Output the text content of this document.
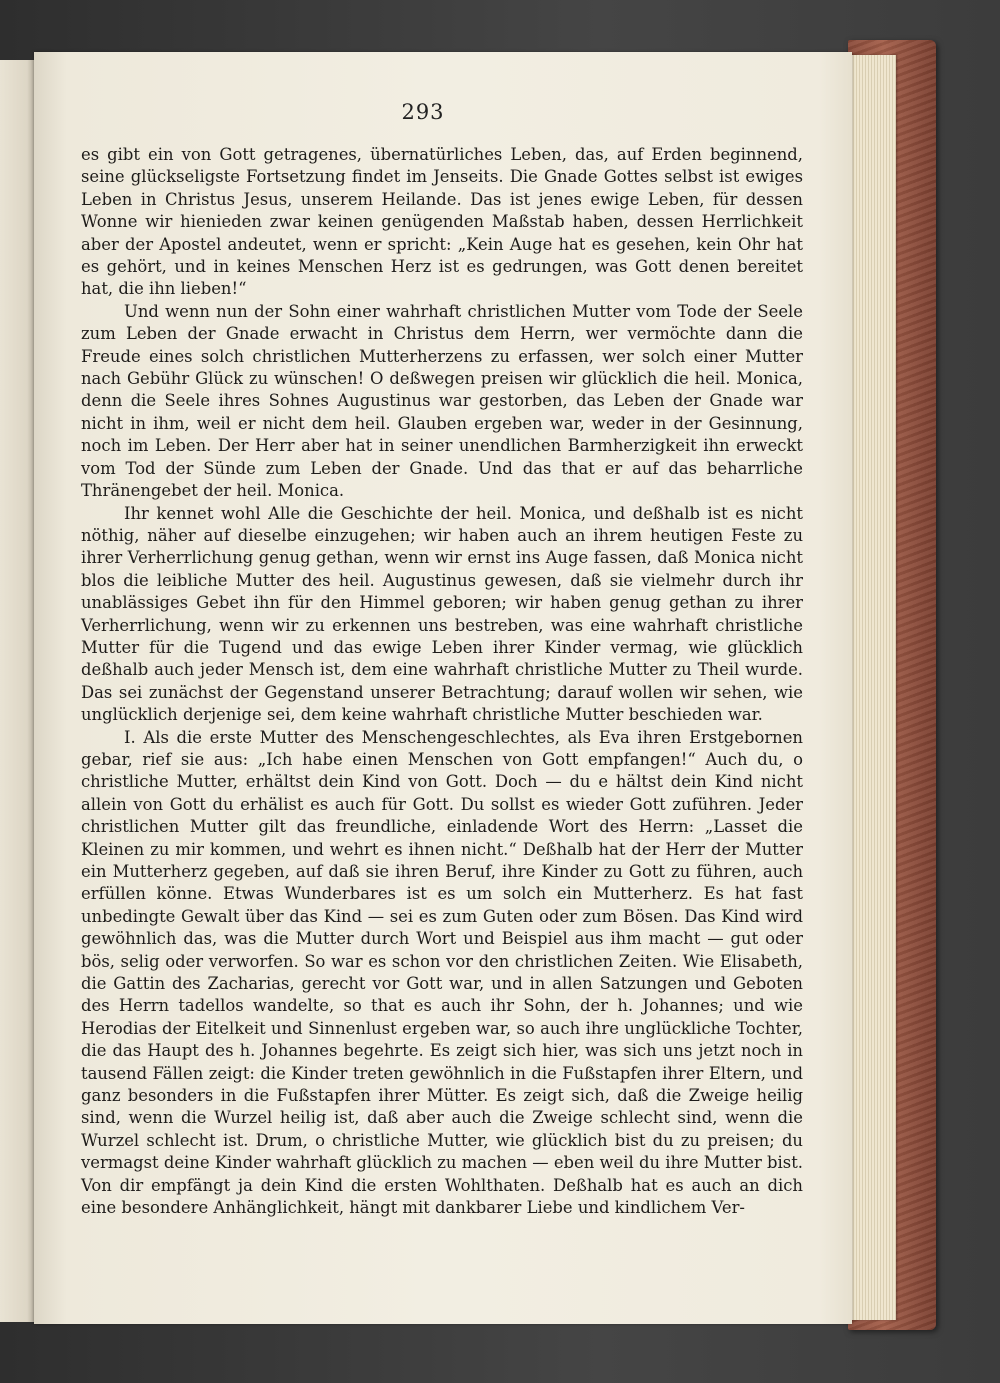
293

es gibt ein von Gott getragenes, übernatürliches Leben, das, auf Erden beginnend, seine glückseligste Fortsetzung findet im Jenseits. Die Gnade Gottes selbst ist ewiges Leben in Christus Jesus, unserem Heilande. Das ist jenes ewige Leben, für dessen Wonne wir hienieden zwar keinen genügenden Maßstab haben, dessen Herrlichkeit aber der Apostel andeutet, wenn er spricht: „Kein Auge hat es gesehen, kein Ohr hat es gehört, und in keines Menschen Herz ist es gedrungen, was Gott denen bereitet hat, die ihn lieben!“

Und wenn nun der Sohn einer wahrhaft christlichen Mutter vom Tode der Seele zum Leben der Gnade erwacht in Christus dem Herrn, wer vermöchte dann die Freude eines solch christlichen Mutterherzens zu erfassen, wer solch einer Mutter nach Gebühr Glück zu wünschen! O deßwegen preisen wir glücklich die heil. Monica, denn die Seele ihres Sohnes Augustinus war gestorben, das Leben der Gnade war nicht in ihm, weil er nicht dem heil. Glauben ergeben war, weder in der Gesinnung, noch im Leben. Der Herr aber hat in seiner unendlichen Barmherzigkeit ihn erweckt vom Tod der Sünde zum Leben der Gnade. Und das that er auf das beharrliche Thränengebet der heil. Monica.

Ihr kennet wohl Alle die Geschichte der heil. Monica, und deßhalb ist es nicht nöthig, näher auf dieselbe einzugehen; wir haben auch an ihrem heutigen Feste zu ihrer Verherrlichung genug gethan, wenn wir ernst ins Auge fassen, daß Monica nicht blos die leibliche Mutter des heil. Augustinus gewesen, daß sie vielmehr durch ihr unablässiges Gebet ihn für den Himmel geboren; wir haben genug gethan zu ihrer Verherrlichung, wenn wir zu erkennen uns bestreben, was eine wahrhaft christliche Mutter für die Tugend und das ewige Leben ihrer Kinder vermag, wie glücklich deßhalb auch jeder Mensch ist, dem eine wahrhaft christliche Mutter zu Theil wurde. Das sei zunächst der Gegenstand unserer Betrachtung; darauf wollen wir sehen, wie unglücklich derjenige sei, dem keine wahrhaft christliche Mutter beschieden war.

I. Als die erste Mutter des Menschengeschlechtes, als Eva ihren Erstgebornen gebar, rief sie aus: „Ich habe einen Menschen von Gott empfangen!“ Auch du, o christliche Mutter, erhältst dein Kind von Gott. Doch — du e hältst dein Kind nicht allein von Gott du erhälist es auch für Gott. Du sollst es wieder Gott zuführen. Jeder christlichen Mutter gilt das freundliche, einladende Wort des Herrn: „Lasset die Kleinen zu mir kommen, und wehrt es ihnen nicht.“ Deßhalb hat der Herr der Mutter ein Mutterherz gegeben, auf daß sie ihren Beruf, ihre Kinder zu Gott zu führen, auch erfüllen könne. Etwas Wunderbares ist es um solch ein Mutterherz. Es hat fast unbedingte Gewalt über das Kind — sei es zum Guten oder zum Bösen. Das Kind wird gewöhnlich das, was die Mutter durch Wort und Beispiel aus ihm macht — gut oder bös, selig oder verworfen. So war es schon vor den christlichen Zeiten. Wie Elisabeth, die Gattin des Zacharias, gerecht vor Gott war, und in allen Satzungen und Geboten des Herrn tadellos wandelte, so that es auch ihr Sohn, der h. Johannes; und wie Herodias der Eitelkeit und Sinnenlust ergeben war, so auch ihre unglückliche Tochter, die das Haupt des h. Johannes begehrte. Es zeigt sich hier, was sich uns jetzt noch in tausend Fällen zeigt: die Kinder treten gewöhnlich in die Fußstapfen ihrer Eltern, und ganz besonders in die Fußstapfen ihrer Mütter. Es zeigt sich, daß die Zweige heilig sind, wenn die Wurzel heilig ist, daß aber auch die Zweige schlecht sind, wenn die Wurzel schlecht ist. Drum, o christliche Mutter, wie glücklich bist du zu preisen; du vermagst deine Kinder wahrhaft glücklich zu machen — eben weil du ihre Mutter bist. Von dir empfängt ja dein Kind die ersten Wohlthaten. Deßhalb hat es auch an dich eine besondere Anhänglichkeit, hängt mit dankbarer Liebe und kindlichem Ver-
